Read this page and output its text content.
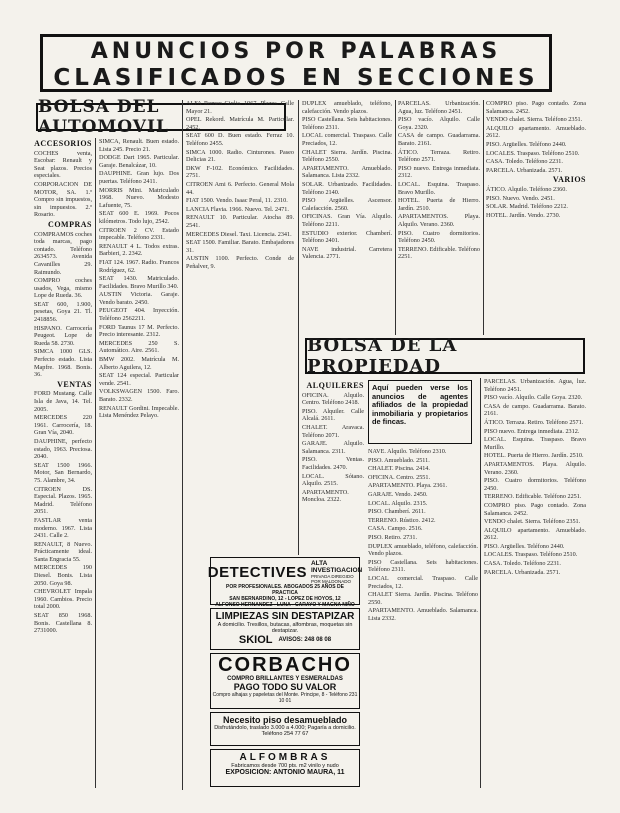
ANUNCIOS POR PALABRAS
CLASIFICADOS EN SECCIONES
BOLSA DEL AUTOMOVIL
ACCESORIOS

COCHES venta, Escobar: Renault y Seat plazos. Precios especiales.

CORPORACION DE MOTOR, SA. 1.º Compro sin impuestos, sin impuestos. 2.º Rosario.

COMPRAS

COMPRAMOS coches toda marcas, pago contado. Teléfono 2634573. Avenida Cavanilles 29. Raimundo.

COMPRO coches usados, Vega, mismo Lope de Rueda. 36.

SEAT 600, 1.900, pesetas, Goya 21. Tl. 2418856.

HISPANO. Carrocería Peugeot. Lope de Rueda 58. 2730.

SIMCA 1000 GLS. Perfecto estado. Lista Mapfre. 1968. Bonis. 36.

VENTAS

FORD Mustang. Calle Isla de Java, 14. Tel. 2005.

MERCEDES 220 1961. Carrocería, 18. Gran Vía, 2040.

DAUPHINE, perfecto estado, 1963. Preciosa. 2040.

SEAT 1500 1966. Motor, San Bernardo, 75. Alambre, 34.

CITROEN DS. Especial. Plazos. 1965. Madrid. Teléfono 2051.

FASTLAR venta moderno. 1967. Lista 2431. Calle 2.

RENAULT, 8 Nuevo. Prácticamente ideal. Santa Engracia 55.

MERCEDES 190 Diesel. Bonis. Lista 2050. Goya 98.

CHEVROLET Impala 1960. Cambios. Precio total 2000.

SEAT 850 1968. Bonis. Castellana 8. 2731000.

SIMCA, Renault. Buen estado. Lista 245. Precio 21.

DODGE Dart 1965. Particular. Garaje. Benalcázar, 10.

DAUPHINE. Gran lujo. Dos puertas. Teléfono 2411.

MORRIS Mini. Matriculado 1968. Nuevo. Modesto Lafuente, 75.

SEAT 600 E. 1969. Pocos kilómetros. Todo lujo, 2542.

CITROEN 2 CV. Estado impecable. Teléfono 2331.

RENAULT 4 L. Todos extras. Barbieri, 2. 2342.

FIAT 124. 1967. Radio. Francos Rodríguez, 62.

SEAT 1430. Matriculado. Facilidades. Bravo Murillo 340.

AUSTIN Victoria. Garaje. Vendo barato. 2450.

PEUGEOT 404. Inyección. Teléfono 2562211.

FORD Taunus 17 M. Perfecto. Precio interesante. 2312.

MERCEDES 250 S. Automático. Aire. 2561.

BMW 2002. Matrícula M. Alberto Aguilera, 12.

SEAT 124 especial. Particular vende. 2541.

VOLKSWAGEN 1500. Faro. Barato. 2332.

RENAULT Gordini. Impecable. Lista Menéndez Pelayo.

ALFA Romeo Giulia. 1967. Plazos. Calle Mayor 21.

OPEL Rekord. Matrícula M. Particular. 2452.

SEAT 600 D. Buen estado. Ferraz 10. Teléfono 2455.

SIMCA 1000. Radio. Cinturones. Paseo Delicias 21.

DKW F-102. Económico. Facilidades. 2751.

CITROEN Ami 6. Perfecto. General Mola 44.

FIAT 1500. Vendo. Isaac Peral, 11. 2310.

LANCIA Flavia. 1966. Nuevo. Tel. 2471.

RENAULT 10. Particular. Atocha 89. 2541.

MERCEDES Diesel. Taxi. Licencia. 2341.

SEAT 1500. Familiar. Barato. Embajadores 31.

AUSTIN 1100. Perfecto. Conde de Peñalver, 9.

DUPLEX amueblado, teléfono, calefacción. Vendo plazos.

PISO Castellana. Seis habitaciones. Teléfono 2311.

LOCAL comercial. Traspaso. Calle Preciados, 12.

CHALET Sierra. Jardín. Piscina. Teléfono 2550.

APARTAMENTO. Amueblado. Salamanca. Lista 2332.

SOLAR. Urbanizado. Facilidades. Teléfono 2140.

PISO Argüelles. Ascensor. Calefacción. 2560.

OFICINAS. Gran Vía. Alquilo. Teléfono 2211.

ESTUDIO exterior. Chamberí. Teléfono 2401.

NAVE industrial. Carretera Valencia. 2771.

PARCELAS. Urbanización. Agua, luz. Teléfono 2451.

PISO vacío. Alquilo. Calle Goya. 2320.

CASA de campo. Guadarrama. Barato. 2161.

ÁTICO. Terraza. Retiro. Teléfono 2571.

PISO nuevo. Entrega inmediata. 2312.

LOCAL. Esquina. Traspaso. Bravo Murillo.

HOTEL. Puerta de Hierro. Jardín. 2510.

APARTAMENTOS. Playa. Alquilo. Verano. 2360.

PISO. Cuatro dormitorios. Teléfono 2450.

TERRENO. Edificable. Teléfono 2251.

COMPRO piso. Pago contado. Zona Salamanca. 2452.

VENDO chalet. Sierra. Teléfono 2351.

ALQUILO apartamento. Amueblado. 2612.

PISO. Argüelles. Teléfono 2440.

LOCALES. Traspaso. Teléfono 2510.

CASA. Toledo. Teléfono 2231.

PARCELA. Urbanizada. 2571.

VARIOS

ÁTICO. Alquilo. Teléfono 2360.

PISO. Nuevo. Vendo. 2451.

SOLAR. Madrid. Teléfono 2212.

HOTEL. Jardín. Vendo. 2730.

BOLSA DE LA PROPIEDAD
ALQUILERES

OFICINA. Alquilo. Centro. Teléfono 2418.

PISO. Alquiler. Calle Alcalá. 2611.

CHALET. Aravaca. Teléfono 2071.

GARAJE. Alquilo. Salamanca. 2311.

PISO. Ventas. Facilidades. 2470.

LOCAL. Sótano. Alquilo. 2515.

APARTAMENTO. Moncloa. 2322.

Aquí pueden verse los anuncios de agentes afiliados de la propiedad inmobiliaria y propietarios de fincas.

NAVE. Alquilo. Teléfono 2310.

PISO. Amueblado. 2511.

CHALET. Piscina. 2414.

OFICINA. Centro. 2551.

APARTAMENTO. Playa. 2361.

GARAJE. Vendo. 2450.

LOCAL. Alquilo. 2315.

PISO. Chamberí. 2611.

TERRENO. Rústico. 2412.

CASA. Campo. 2516.

PISO. Retiro. 2731.

DUPLEX amueblado, teléfono, calefacción. Vendo plazos.

PISO Castellana. Seis habitaciones. Teléfono 2311.

LOCAL comercial. Traspaso. Calle Preciados, 12.

CHALET Sierra. Jardín. Piscina. Teléfono 2550.

APARTAMENTO. Amueblado. Salamanca. Lista 2332.

PARCELAS. Urbanización. Agua, luz. Teléfono 2451.

PISO vacío. Alquilo. Calle Goya. 2320.

CASA de campo. Guadarrama. Barato. 2161.

ÁTICO. Terraza. Retiro. Teléfono 2571.

PISO nuevo. Entrega inmediata. 2312.

LOCAL. Esquina. Traspaso. Bravo Murillo.

HOTEL. Puerta de Hierro. Jardín. 2510.

APARTAMENTOS. Playa. Alquilo. Verano. 2360.

PISO. Cuatro dormitorios. Teléfono 2450.

TERRENO. Edificable. Teléfono 2251.

COMPRO piso. Pago contado. Zona Salamanca. 2452.

VENDO chalet. Sierra. Teléfono 2351.

ALQUILO apartamento. Amueblado. 2612.

PISO. Argüelles. Teléfono 2440.

LOCALES. Traspaso. Teléfono 2510.

CASA. Toledo. Teléfono 2231.

PARCELA. Urbanizada. 2571.

DETECTIVES ALTA INVESTIGACION
PRIVADA DIREGIDO POR MALDONADO
POR PROFESIONALES. ABOGADOS 25 AÑOS DE PRACTICA
SAN BERNARDINO, 12 - LOPEZ DE HOYOS, 12
ALFONSO HERNANDEZ - LUNA - CARAYO Y MAGNA NIÑO
LIMPIEZAS SIN DESTAPIZAR
A domicilio. Tresillos, butacas, alfombras, moquetas sin destapizar.
SKIOL AVISOS: 248 08 08
CORBACHO
COMPRO BRILLANTES Y ESMERALDAS
PAGO TODO SU VALOR
Compro alhajas y papeletas del Monte. Principe, 8 - Teléfono 231 10 01
Necesito piso desamueblado
Disfrutándolo, traslado 3.000 a 4.000; Pagaría a domicilio. Teléfono 254 77 67
ALFOMBRAS
Fabricamos desde 700 pts. m2 vinilo y nudo
EXPOSICION: ANTONIO MAURA, 11
